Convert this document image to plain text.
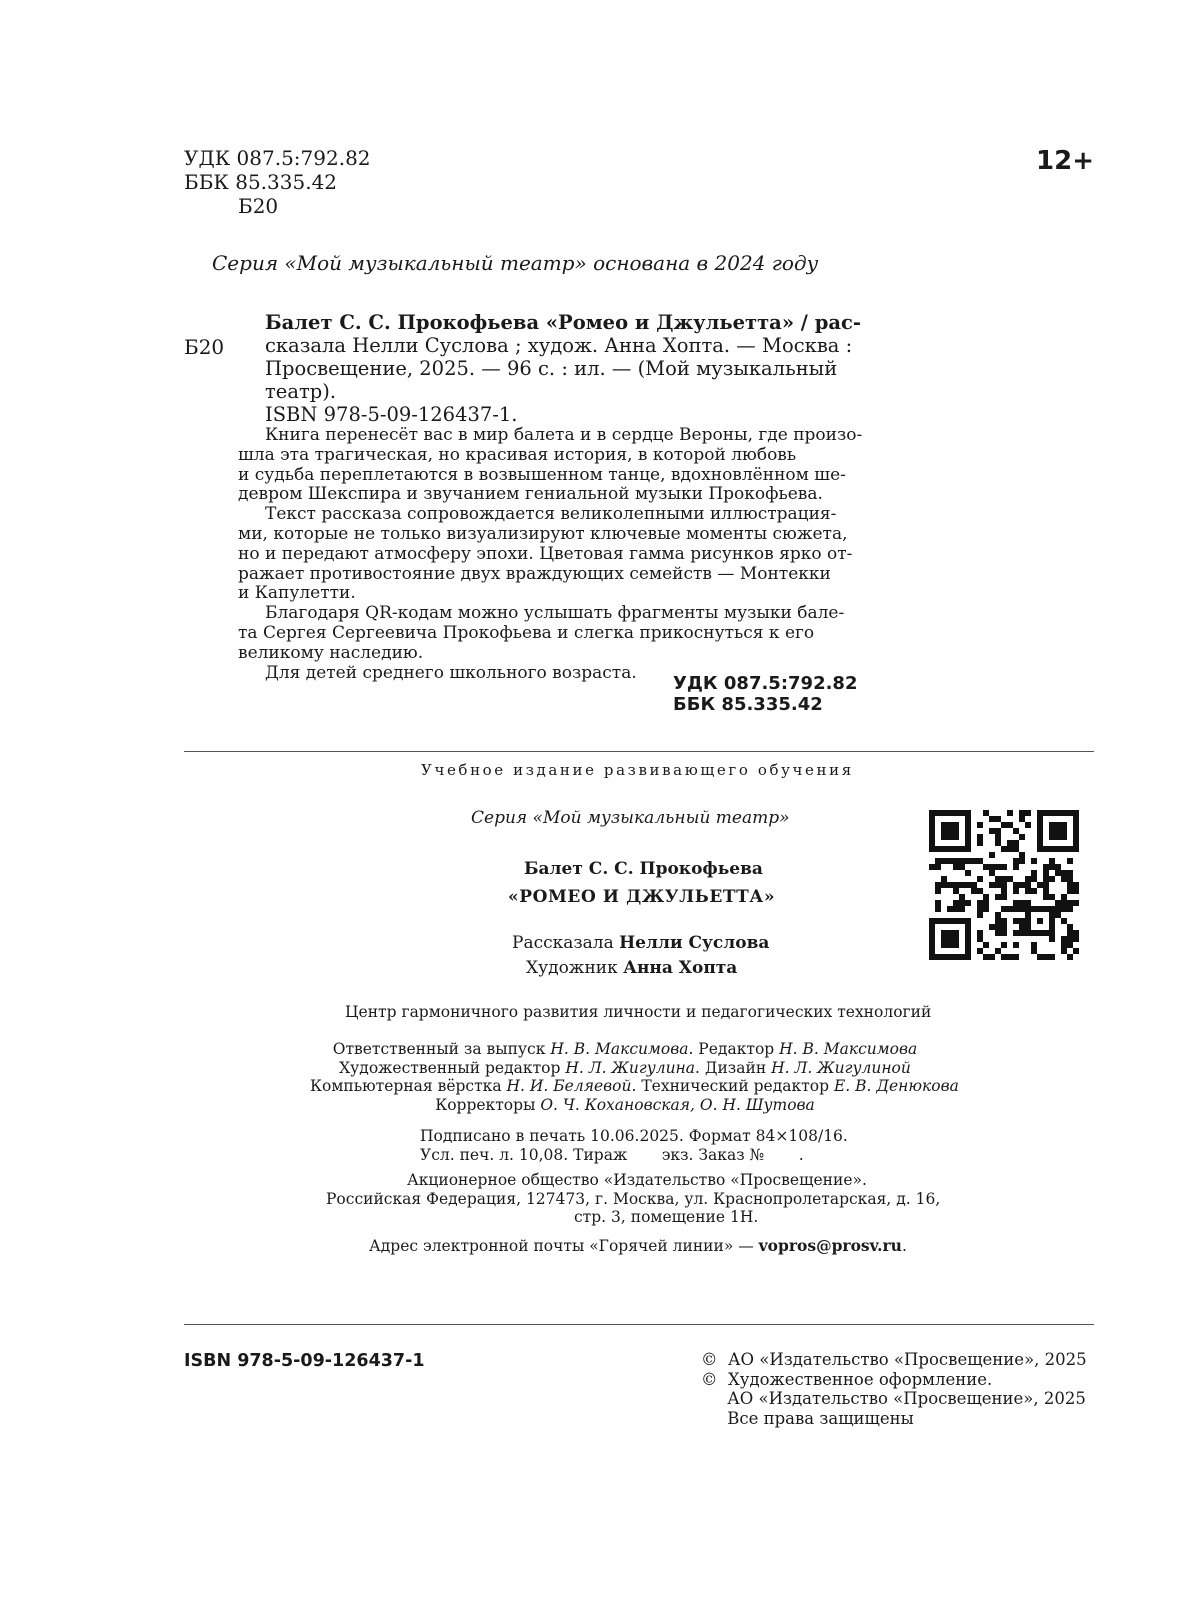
УДК 087.5:792.82
ББК 85.335.42
Б20
12+
Серия «Мой музыкальный театр» основана в 2024 году
Б20
Балет С. С. Прокофьева «Ромео и Джульетта» / рас-
сказала Нелли Суслова ; худож. Анна Хопта. — Москва :
Просвещение, 2025. — 96 с. : ил. — (Мой музыкальный
театр).
ISBN 978-5-09-126437-1.
Книга перенесёт вас в мир балета и в сердце Вероны, где произо-
шла эта трагическая, но красивая история, в которой любовь
и судьба переплетаются в возвышенном танце, вдохновлённом ше-
девром Шекспира и звучанием гениальной музыки Прокофьева.
Текст рассказа сопровождается великолепными иллюстрация-
ми, которые не только визуализируют ключевые моменты сюжета,
но и передают атмосферу эпохи. Цветовая гамма рисунков ярко от-
ражает противостояние двух враждующих семейств — Монтекки
и Капулетти.
Благодаря QR-кодам можно услышать фрагменты музыки бале-
та Сергея Сергеевича Прокофьева и слегка прикоснуться к его
великому наследию.
Для детей среднего школьного возраста.
УДК 087.5:792.82
ББК 85.335.42
Учебное издание развивающего обучения
Серия «Мой музыкальный театр»
Балет С. С. Прокофьева
«РОМЕО И ДЖУЛЬЕТТА»
Рассказала Нелли Суслова
Художник Анна Хопта
Центр гармоничного развития личности и педагогических технологий
Ответственный за выпуск Н. В. Максимова. Редактор Н. В. Максимова
Художественный редактор Н. Л. Жигулина. Дизайн Н. Л. Жигулиной
Компьютерная вёрстка Н. И. Беляевой. Технический редактор Е. В. Денюкова
Корректоры О. Ч. Кохановская, О. Н. Шутова
Подписано в печать 10.06.2025. Формат 84×108/16.
Усл. печ. л. 10,08. Тираж       экз. Заказ №       .
Акционерное общество «Издательство «Просвещение».
Российская Федерация, 127473, г. Москва, ул. Краснопролетарская, д. 16,
стр. 3, помещение 1Н.
Адрес электронной почты «Горячей линии» — vopros@prosv.ru.
ISBN 978-5-09-126437-1	©  АО «Издательство «Просвещение», 2025
©  Художественное оформление.
АО «Издательство «Просвещение», 2025
Все права защищены
